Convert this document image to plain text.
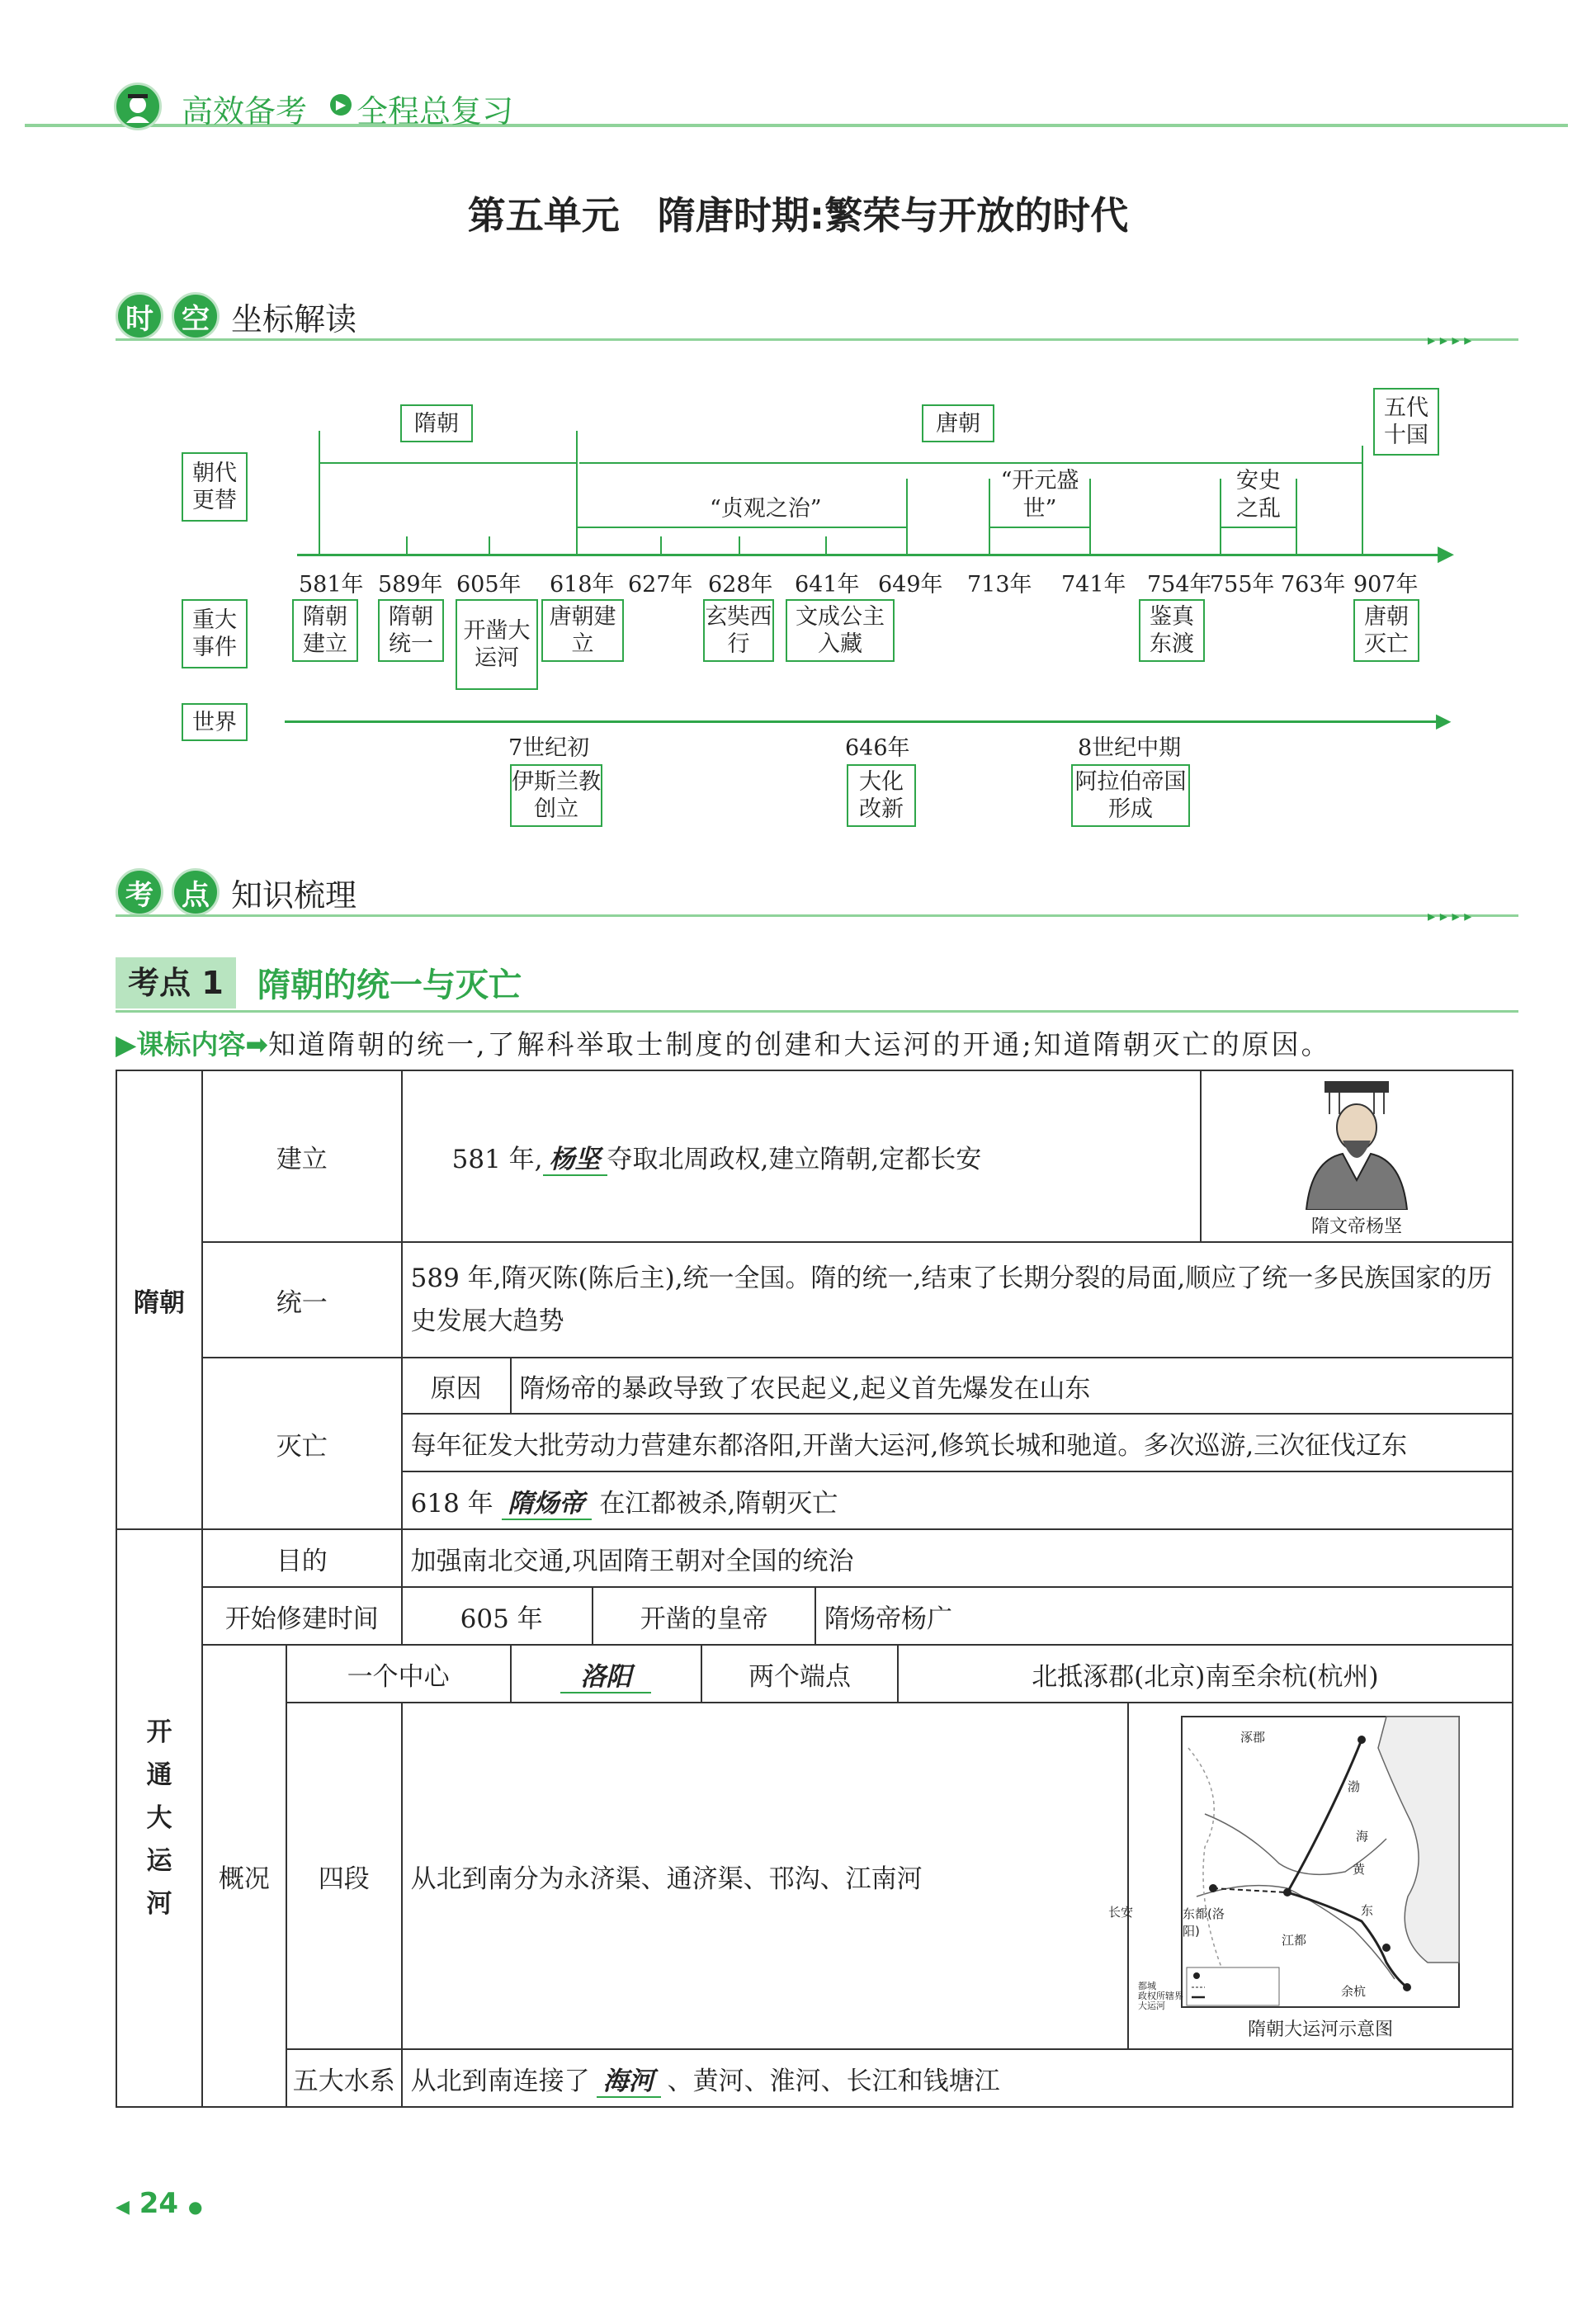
高效备考	▶ 全程总复习
第五单元　隋唐时期:繁荣与开放的时代
时	空 坐标解读
▸ ▸ ▸ ▸
朝代更替
重大事件
世界
隋朝	唐朝
五代十国
“贞观之治”
“开元盛世”
安史之乱
▶
581年 589年 605年 618年 627年 628年 641年 649年 713年 741年 754年
755年 763年 907年
隋朝建立
隋朝统一
开凿大运河
唐朝建立
玄奘西行
文成公主入藏
鉴真东渡
唐朝灭亡
▶
7世纪初	646年	8世纪中期
伊斯兰教创立
大化改新
阿拉伯帝国形成
考	点 知识梳理
▸ ▸ ▸ ▸
考点 1	隋朝的统一与灭亡
▶课标内容➡知道隋朝的统一,了解科举取士制度的创建和大运河的开通;知道隋朝灭亡的原因。
隋朝	建立		581 年, 杨坚 夺取北周政权,建立隋朝,定都长安							隋文帝杨坚

	统一		589 年,隋灭陈(陈后主),统一全国。隋的统一,结束了长期分裂的局面,顺应了统一多民族国家的历史发展大趋势							
	灭亡		原因	隋炀帝的暴政导致了农民起义,起义首先爆发在山东						
			每年征发大批劳动力营建东都洛阳,开凿大运河,修筑长城和驰道。多次巡游,三次征伐辽东							
			618 年 隋炀帝 在江都被杀,隋朝灭亡							
开通大运河	目的		加强南北交通,巩固隋王朝对全国的统治							
	开始修建时间		605 年		开凿的皇帝		隋炀帝杨广			
	概况	一个中心		洛阳		两个端点		北抵涿郡(北京)南至余杭(杭州)		
		四段	从北到南分为永济渠、通济渠、邗沟、江南河						隋朝大运河示意图	

		五大水系	从北到南连接了 海河 、黄河、淮河、长江和钱塘江							
涿郡
长安	东都(洛阳)
江都
余杭
渤
海
黄
东
都城
政权所辖界
大运河
◀ 24 ●
